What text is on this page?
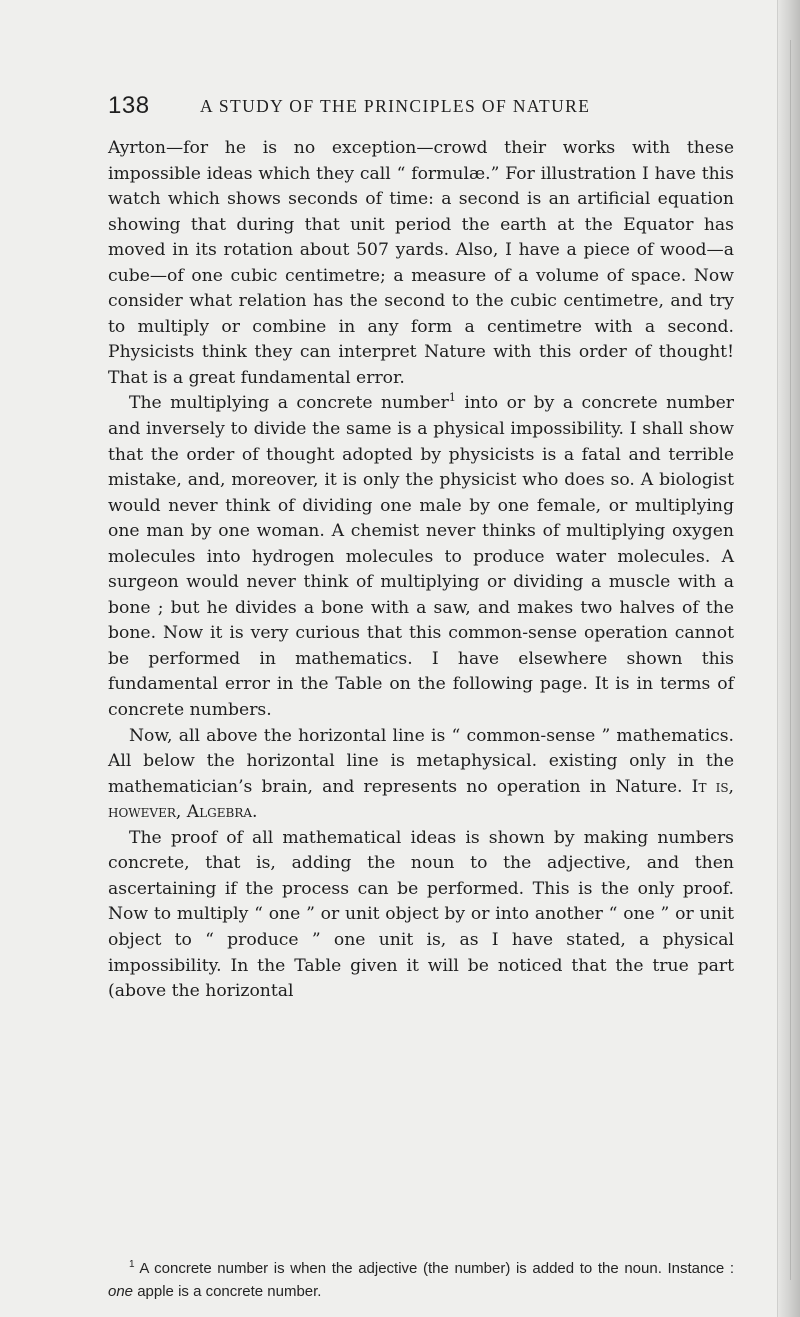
138	A STUDY OF THE PRINCIPLES OF NATURE

Ayrton—for he is no exception—crowd their works with these impossible ideas which they call “ formulæ.” For illustration I have this watch which shows seconds of time: a second is an artificial equation showing that during that unit period the earth at the Equator has moved in its rotation about 507 yards. Also, I have a piece of wood—a cube—of one cubic centimetre; a measure of a volume of space. Now consider what relation has the second to the cubic centimetre, and try to multiply or combine in any form a centimetre with a second. Physicists think they can interpret Nature with this order of thought! That is a great fundamental error.

The multiplying a concrete number$^1$ into or by a concrete number and inversely to divide the same is a physical impossibility. I shall show that the order of thought adopted by physicists is a fatal and terrible mistake, and, moreover, it is only the physicist who does so. A biologist would never think of dividing one male by one female, or multiplying one man by one woman. A chemist never thinks of multiplying oxygen molecules into hydrogen molecules to produce water molecules. A surgeon would never think of multiplying or dividing a muscle with a bone ; but he divides a bone with a saw, and makes two halves of the bone. Now it is very curious that this common-sense operation cannot be performed in mathematics. I have elsewhere shown this fundamental error in the Table on the following page. It is in terms of concrete numbers.

Now, all above the horizontal line is “ common-sense ” mathematics. All below the horizontal line is metaphysical. existing only in the mathematician’s brain, and represents no operation in Nature. It is, however, Algebra.

The proof of all mathematical ideas is shown by making numbers concrete, that is, adding the noun to the adjective, and then ascertaining if the process can be performed. This is the only proof. Now to multiply “ one ” or unit object by or into another “ one ” or unit object to “ produce ” one unit is, as I have stated, a physical impossibility. In the Table given it will be noticed that the true part (above the horizontal

$^1$ A concrete number is when the adjective (the number) is added to the noun. Instance : one apple is a concrete number.
